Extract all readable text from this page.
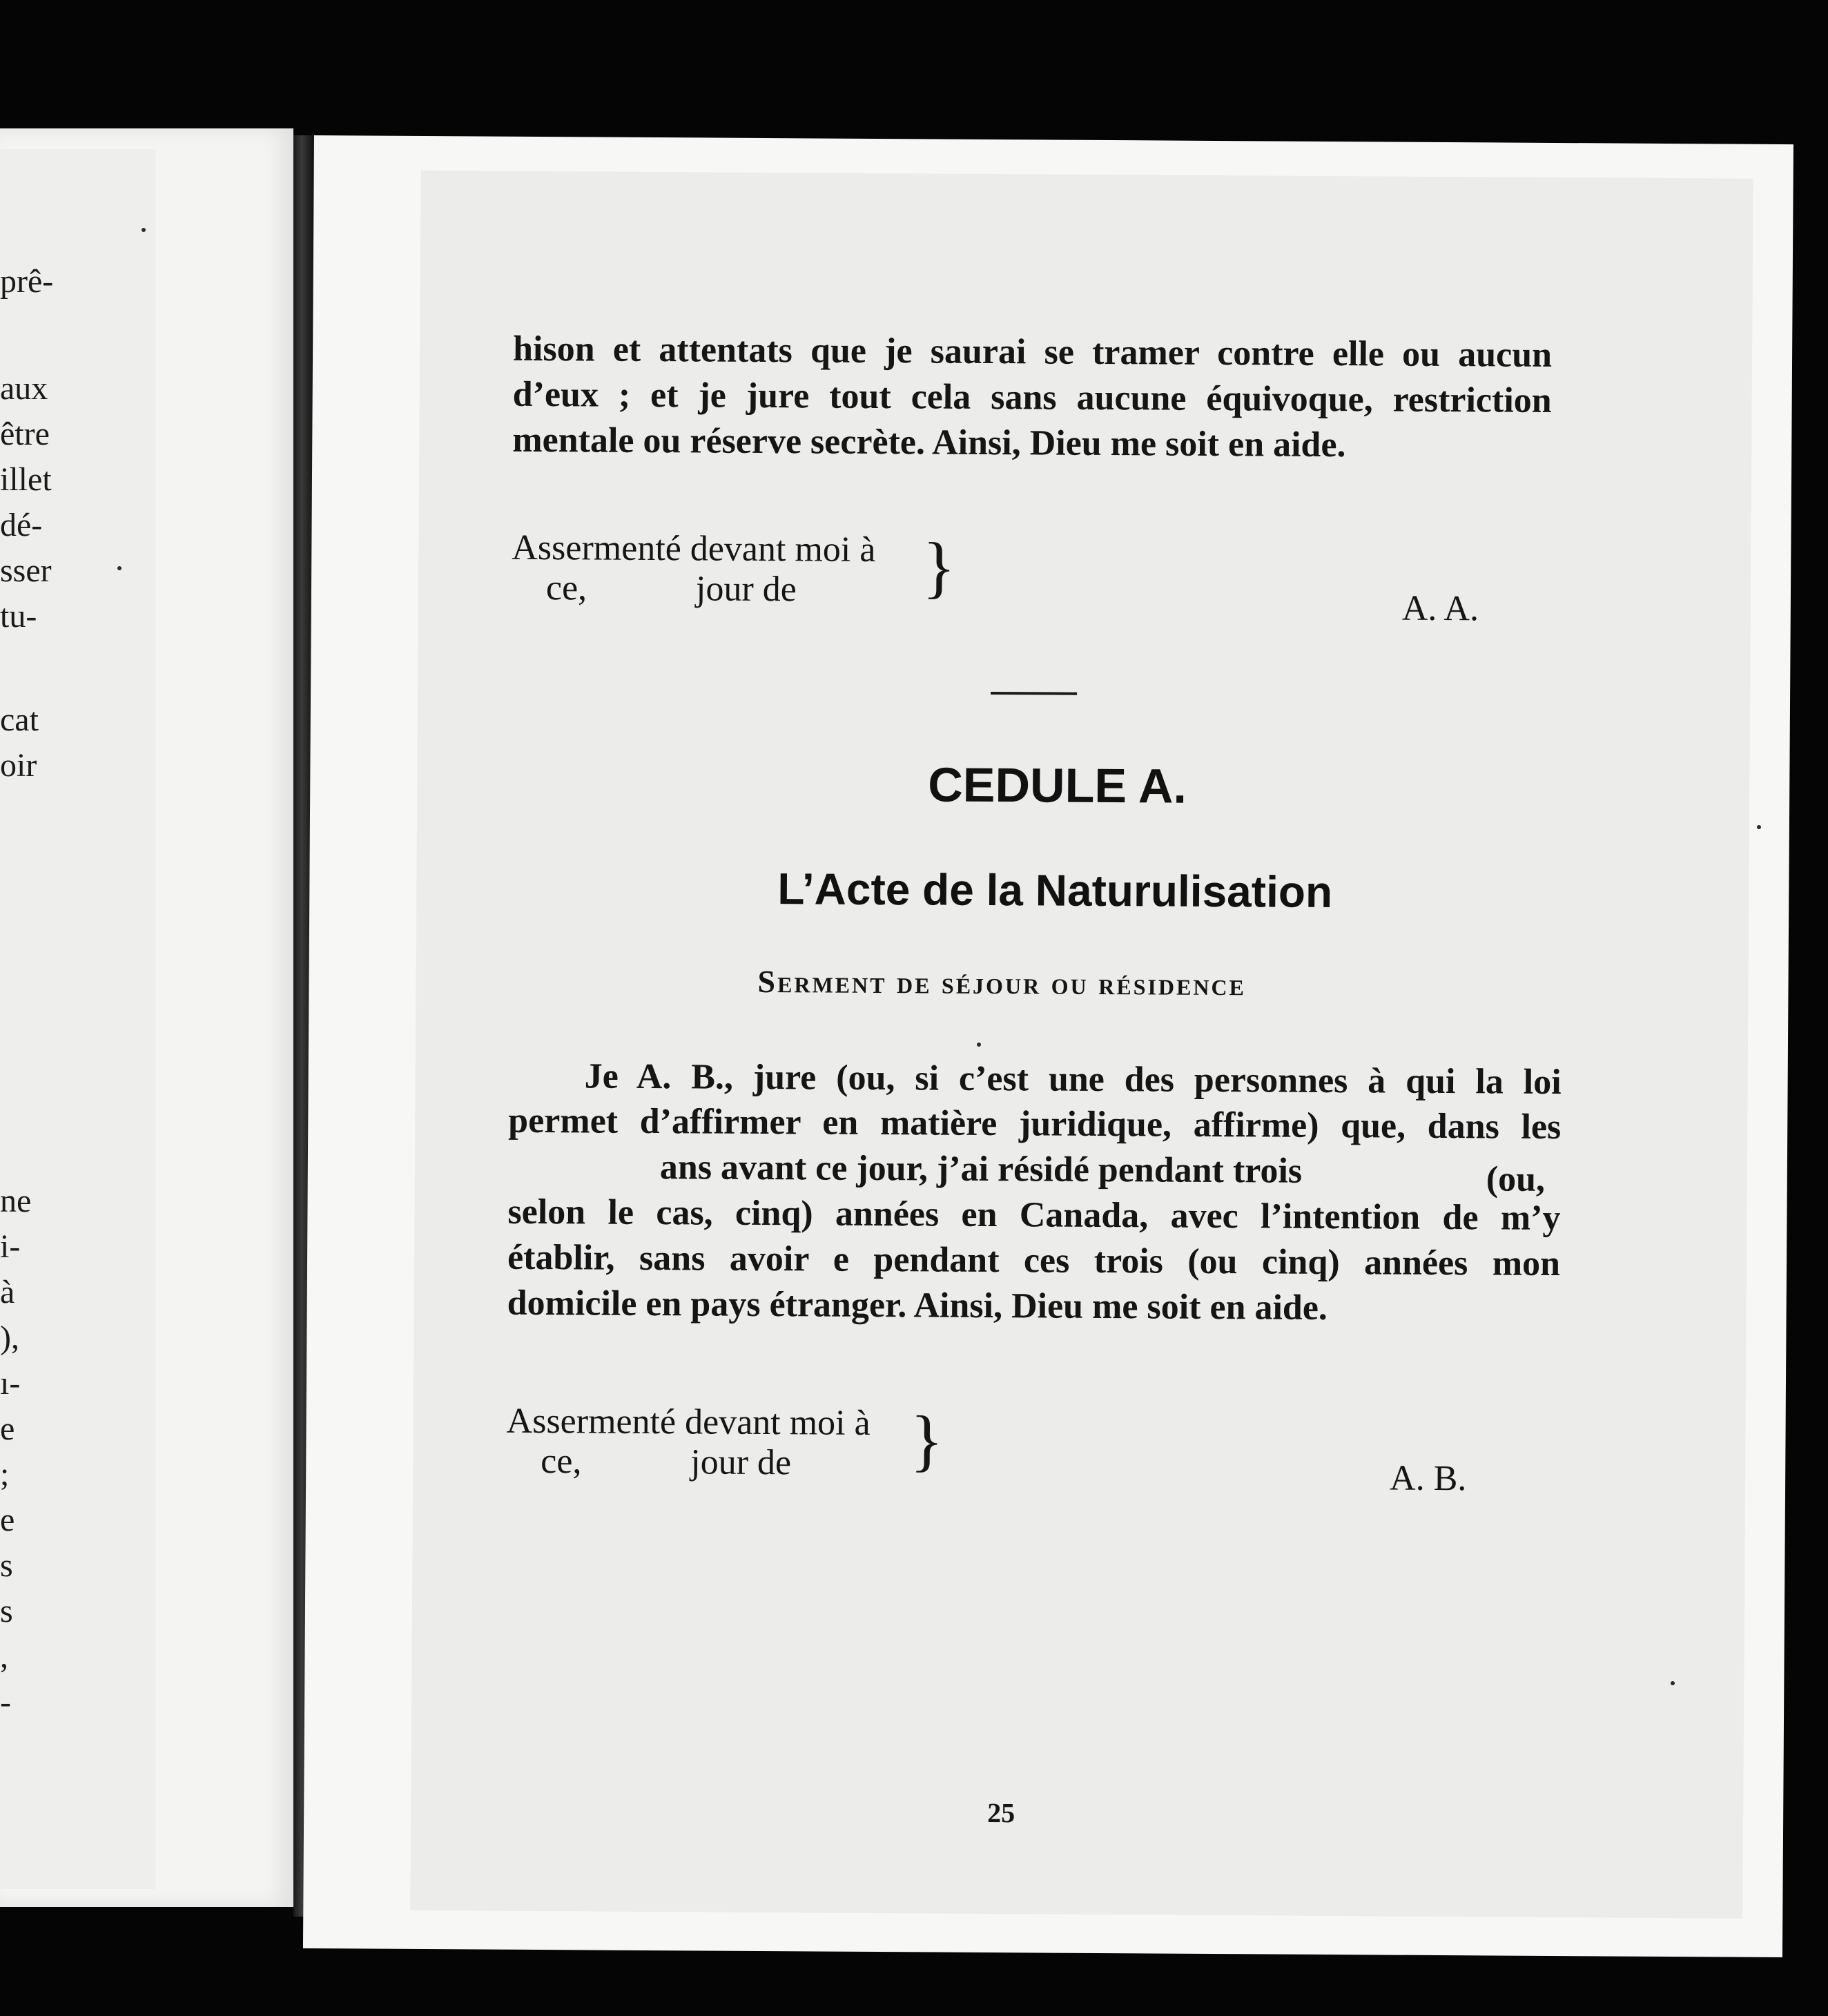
prê-
aux
être
illet
dé-
sser
tu-
cat
oir
ne
i-
à
),
ı-
e
;
e
s
s
,
-
hison et attentats que je saurai se tramer contre elle ou aucun
d’eux ; et je jure tout cela sans aucune équivoque, restriction
mentale ou réserve secrète. Ainsi, Dieu me soit en aide.
Assermenté devant moi à
ce,	jour de }
A. A.
CEDULE A.
L’Acte de la Naturulisation
Serment de séjour ou résidence
Je A. B., jure (ou, si c’est une des personnes à qui la loi
permet d’affirmer en matière juridique, affirme) que, dans les
ans avant ce jour, j’ai résidé pendant trois	(ou,
selon le cas, cinq) années en Canada, avec l’intention de m’y
établir, sans avoir e pendant ces trois (ou cinq) années mon
domicile en pays étranger. Ainsi, Dieu me soit en aide.
Assermenté devant moi à
ce,	jour de }	A. B.
25
